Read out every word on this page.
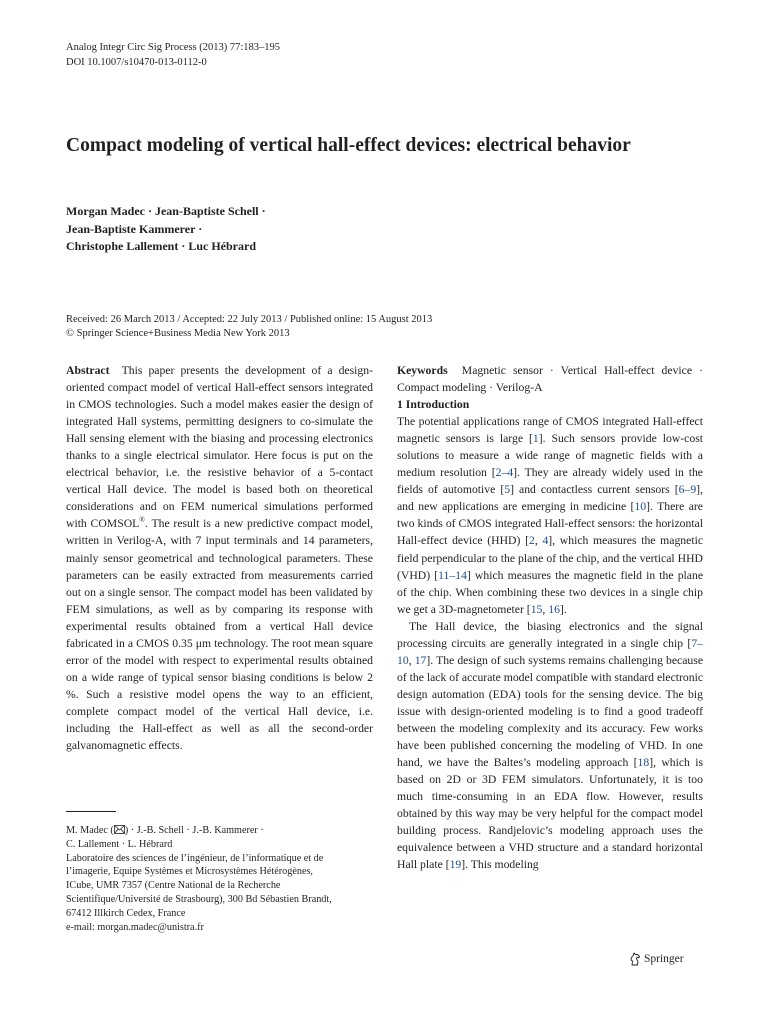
Analog Integr Circ Sig Process (2013) 77:183–195
DOI 10.1007/s10470-013-0112-0
Compact modeling of vertical hall-effect devices: electrical behavior
Morgan Madec · Jean-Baptiste Schell ·
Jean-Baptiste Kammerer ·
Christophe Lallement · Luc Hébrard
Received: 26 March 2013 / Accepted: 22 July 2013 / Published online: 15 August 2013
© Springer Science+Business Media New York 2013

Abstract This paper presents the development of a design-oriented compact model of vertical Hall-effect sensors integrated in CMOS technologies. Such a model makes easier the design of integrated Hall systems, permitting designers to co-simulate the Hall sensing element with the biasing and processing electronics thanks to a single electrical simulator. Here focus is put on the electrical behavior, i.e. the resistive behavior of a 5-contact vertical Hall device. The model is based both on theoretical considerations and on FEM numerical simulations performed with COMSOL®. The result is a new predictive compact model, written in Verilog-A, with 7 input terminals and 14 parameters, mainly sensor geometrical and technological parameters. These parameters can be easily extracted from measurements carried out on a single sensor. The compact model has been validated by FEM simulations, as well as by comparing its response with experimental results obtained from a vertical Hall device fabricated in a CMOS 0.35 μm technology. The root mean square error of the model with respect to experimental results obtained on a wide range of typical sensor biasing conditions is below 2 %. Such a resistive model opens the way to an efficient, complete compact model of the vertical Hall device, i.e. including the Hall-effect as well as all the second-order galvanomagnetic effects.

M. Madec ( ) · J.-B. Schell · J.-B. Kammerer ·
C. Lallement · L. Hébrard
Laboratoire des sciences de l’ingénieur, de l’informatique et de
l’imagerie, Equipe Systèmes et Microsystèmes Hétérogènes,
ICube, UMR 7357 (Centre National de la Recherche
Scientifique/Université de Strasbourg), 300 Bd Sébastien Brandt,
67412 Illkirch Cedex, France
e-mail: morgan.madec@unistra.fr

Keywords Magnetic sensor · Vertical Hall-effect device · Compact modeling · Verilog-A

1 Introduction

The potential applications range of CMOS integrated Hall-effect magnetic sensors is large [1]. Such sensors provide low-cost solutions to measure a wide range of magnetic fields with a medium resolution [2–4]. They are already widely used in the fields of automotive [5] and contactless current sensors [6–9], and new applications are emerging in medicine [10]. There are two kinds of CMOS integrated Hall-effect sensors: the horizontal Hall-effect device (HHD) [2, 4], which measures the magnetic field perpendicular to the plane of the chip, and the vertical HHD (VHD) [11–14] which measures the magnetic field in the plane of the chip. When combining these two devices in a single chip we get a 3D-magnetometer [15, 16].

The Hall device, the biasing electronics and the signal processing circuits are generally integrated in a single chip [7–10, 17]. The design of such systems remains challenging because of the lack of accurate model compatible with standard electronic design automation (EDA) tools for the sensing device. The big issue with design-oriented modeling is to find a good tradeoff between the modeling complexity and its accuracy. Few works have been published concerning the modeling of VHD. In one hand, we have the Baltes’s modeling approach [18], which is based on 2D or 3D FEM simulators. Unfortunately, it is too much time-consuming in an EDA flow. However, results obtained by this way may be very helpful for the compact model building process. Randjelovic’s modeling approach uses the equivalence between a VHD structure and a standard horizontal Hall plate [19]. This modeling

Springer
